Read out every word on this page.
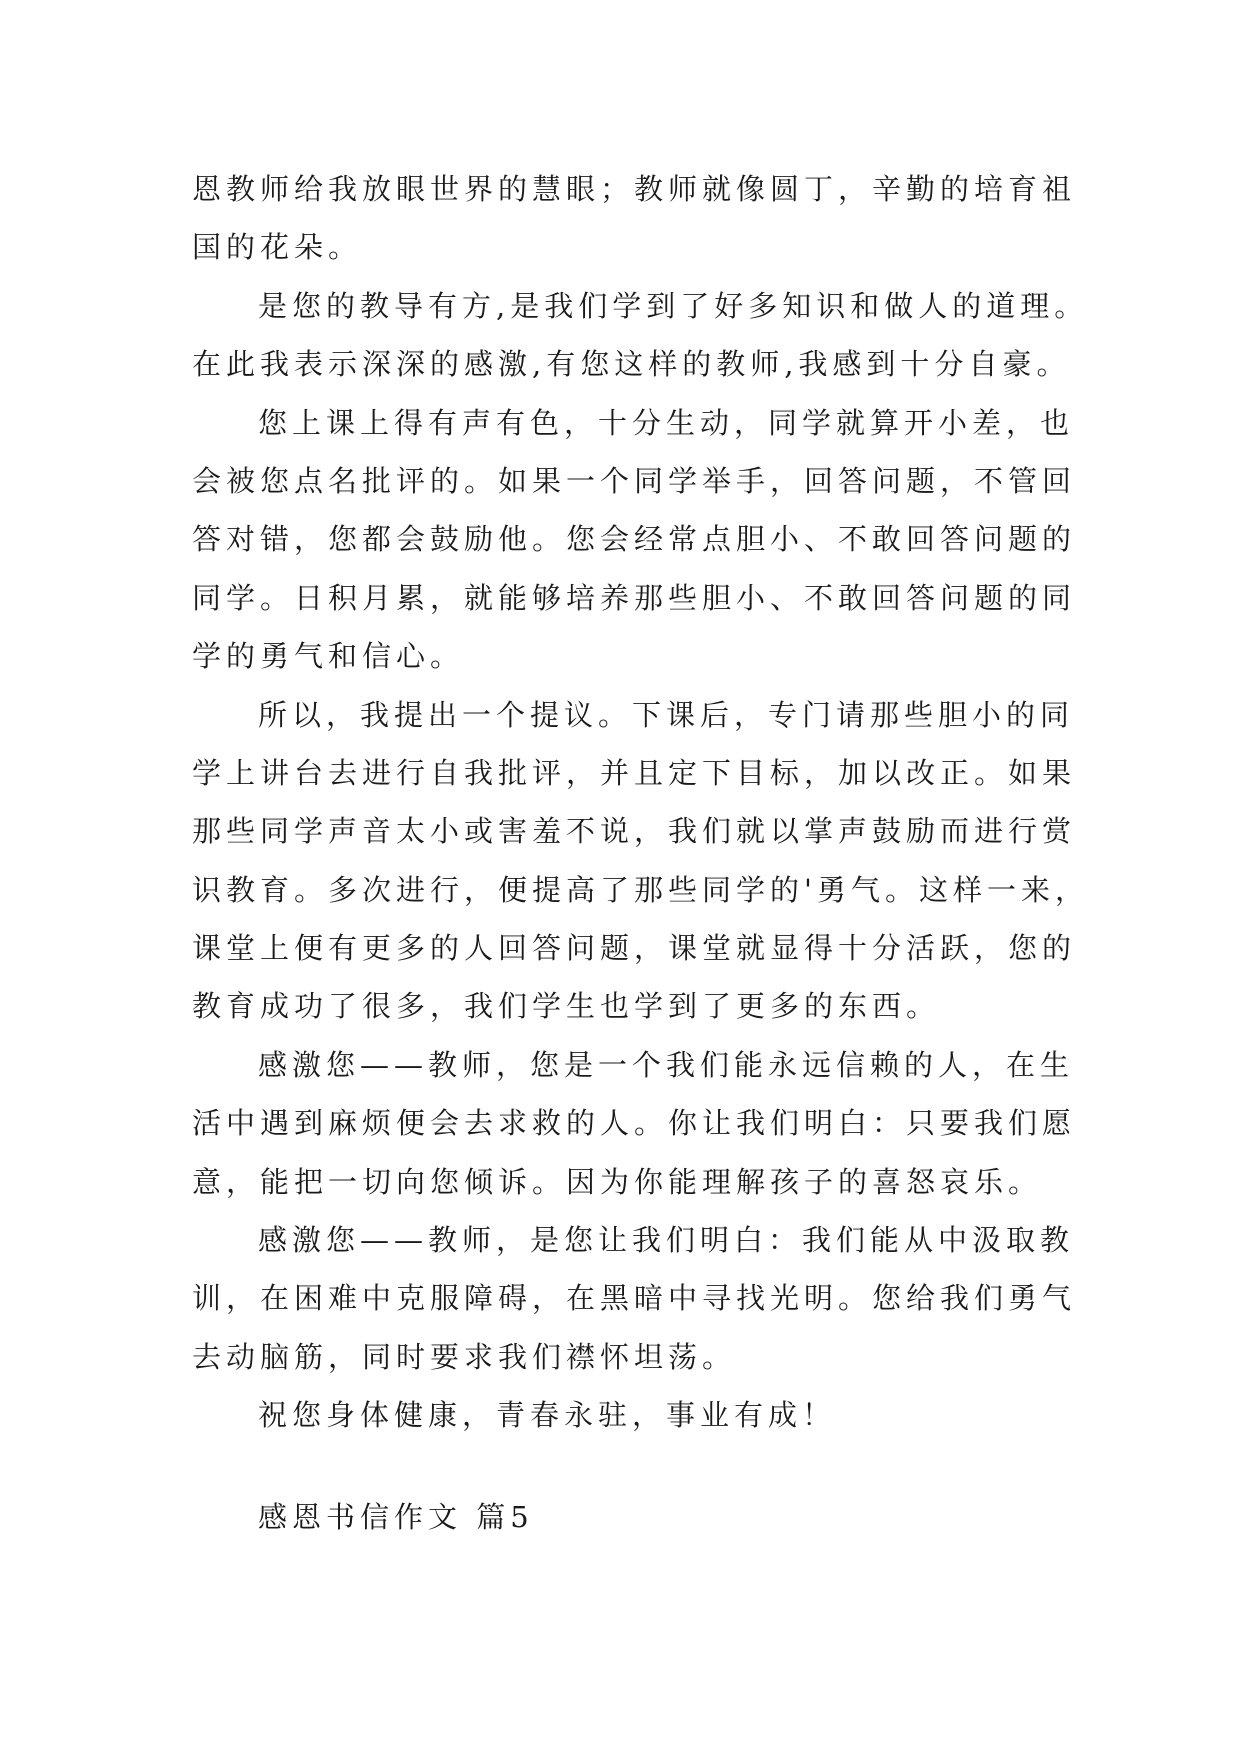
恩教师给我放眼世界的慧眼；教师就像圆丁，辛勤的培育祖
国的花朵。
是您的教导有方,是我们学到了好多知识和做人的道理。
在此我表示深深的感激,有您这样的教师,我感到十分自豪。
您上课上得有声有色，十分生动，同学就算开小差，也
会被您点名批评的。如果一个同学举手，回答问题，不管回
答对错，您都会鼓励他。您会经常点胆小、不敢回答问题的
同学。日积月累，就能够培养那些胆小、不敢回答问题的同
学的勇气和信心。
所以，我提出一个提议。下课后，专门请那些胆小的同
学上讲台去进行自我批评，并且定下目标，加以改正。如果
那些同学声音太小或害羞不说，我们就以掌声鼓励而进行赏
识教育。多次进行，便提高了那些同学的'勇气。这样一来，
课堂上便有更多的人回答问题，课堂就显得十分活跃，您的
教育成功了很多，我们学生也学到了更多的东西。
感激您——教师，您是一个我们能永远信赖的人，在生
活中遇到麻烦便会去求救的人。你让我们明白：只要我们愿
意，能把一切向您倾诉。因为你能理解孩子的喜怒哀乐。
感激您——教师，是您让我们明白：我们能从中汲取教
训，在困难中克服障碍，在黑暗中寻找光明。您给我们勇气
去动脑筋，同时要求我们襟怀坦荡。
祝您身体健康，青春永驻，事业有成！
感恩书信作文 篇5
